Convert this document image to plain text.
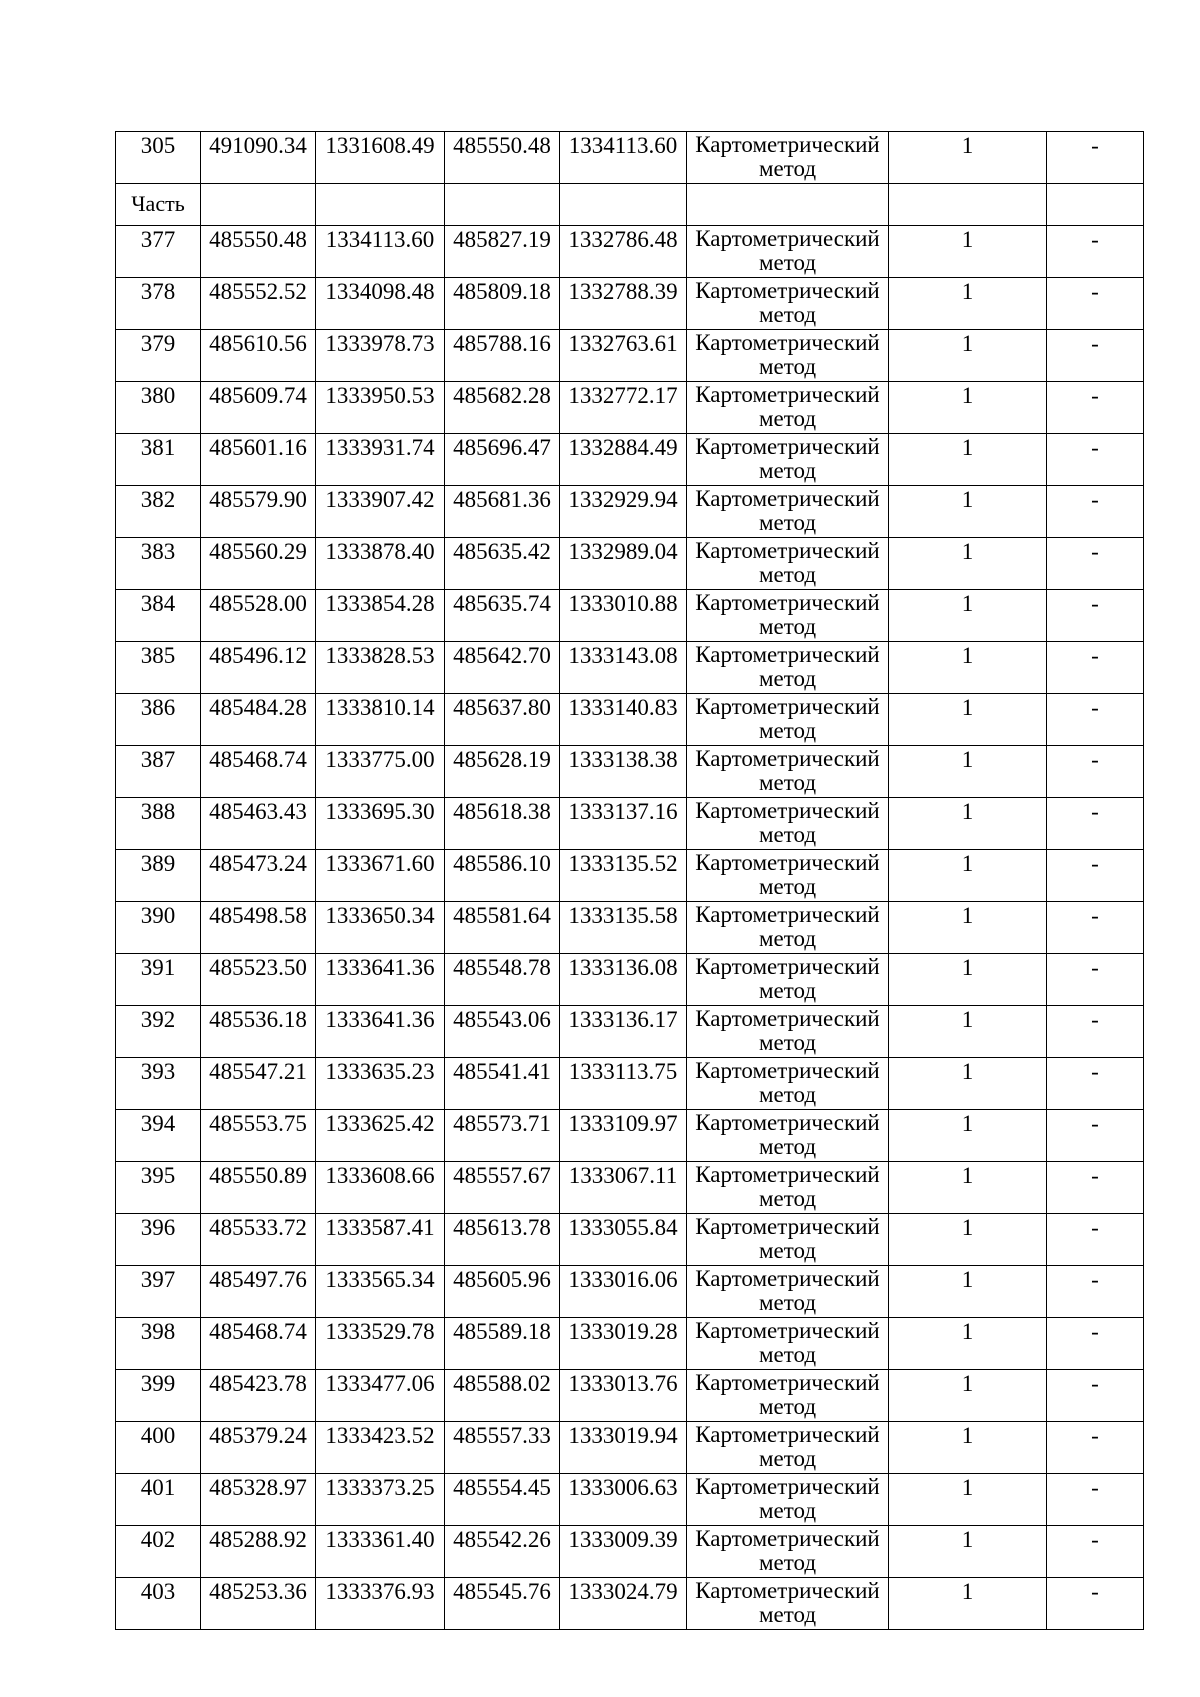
305	491090.34	1331608.49	485550.48	1334113.60	Картометрический метод	1	-
Часть							
377	485550.48	1334113.60	485827.19	1332786.48	Картометрический метод	1	-
378	485552.52	1334098.48	485809.18	1332788.39	Картометрический метод	1	-
379	485610.56	1333978.73	485788.16	1332763.61	Картометрический метод	1	-
380	485609.74	1333950.53	485682.28	1332772.17	Картометрический метод	1	-
381	485601.16	1333931.74	485696.47	1332884.49	Картометрический метод	1	-
382	485579.90	1333907.42	485681.36	1332929.94	Картометрический метод	1	-
383	485560.29	1333878.40	485635.42	1332989.04	Картометрический метод	1	-
384	485528.00	1333854.28	485635.74	1333010.88	Картометрический метод	1	-
385	485496.12	1333828.53	485642.70	1333143.08	Картометрический метод	1	-
386	485484.28	1333810.14	485637.80	1333140.83	Картометрический метод	1	-
387	485468.74	1333775.00	485628.19	1333138.38	Картометрический метод	1	-
388	485463.43	1333695.30	485618.38	1333137.16	Картометрический метод	1	-
389	485473.24	1333671.60	485586.10	1333135.52	Картометрический метод	1	-
390	485498.58	1333650.34	485581.64	1333135.58	Картометрический метод	1	-
391	485523.50	1333641.36	485548.78	1333136.08	Картометрический метод	1	-
392	485536.18	1333641.36	485543.06	1333136.17	Картометрический метод	1	-
393	485547.21	1333635.23	485541.41	1333113.75	Картометрический метод	1	-
394	485553.75	1333625.42	485573.71	1333109.97	Картометрический метод	1	-
395	485550.89	1333608.66	485557.67	1333067.11	Картометрический метод	1	-
396	485533.72	1333587.41	485613.78	1333055.84	Картометрический метод	1	-
397	485497.76	1333565.34	485605.96	1333016.06	Картометрический метод	1	-
398	485468.74	1333529.78	485589.18	1333019.28	Картометрический метод	1	-
399	485423.78	1333477.06	485588.02	1333013.76	Картометрический метод	1	-
400	485379.24	1333423.52	485557.33	1333019.94	Картометрический метод	1	-
401	485328.97	1333373.25	485554.45	1333006.63	Картометрический метод	1	-
402	485288.92	1333361.40	485542.26	1333009.39	Картометрический метод	1	-
403	485253.36	1333376.93	485545.76	1333024.79	Картометрический метод	1	-
